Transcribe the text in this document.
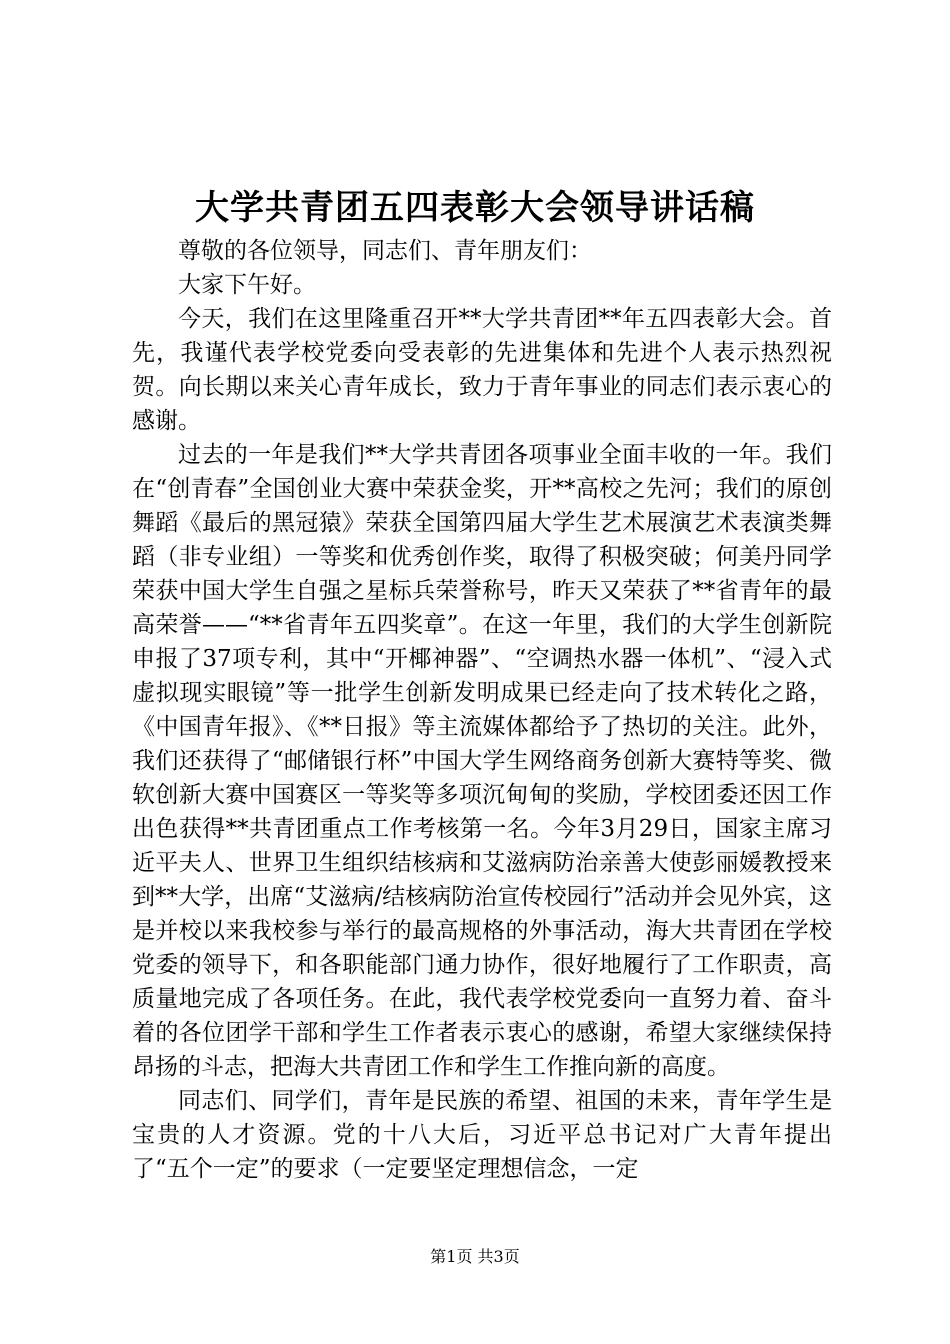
大学共青团五四表彰大会领导讲话稿

尊敬的各位领导，同志们、青年朋友们：

大家下午好。

今天，我们在这里隆重召开**大学共青团**年五四表彰大会。首先，我谨代表学校党委向受表彰的先进集体和先进个人表示热烈祝贺。向长期以来关心青年成长，致力于青年事业的同志们表示衷心的感谢。

过去的一年是我们**大学共青团各项事业全面丰收的一年。我们在“创青春”全国创业大赛中荣获金奖，开**高校之先河；我们的原创舞蹈《最后的黑冠猿》荣获全国第四届大学生艺术展演艺术表演类舞蹈（非专业组）一等奖和优秀创作奖，取得了积极突破；何美丹同学荣获中国大学生自强之星标兵荣誉称号，昨天又荣获了**省青年的最高荣誉——“**省青年五四奖章”。在这一年里，我们的大学生创新院申报了37项专利，其中“开椰神器”、“空调热水器一体机”、“浸入式虚拟现实眼镜”等一批学生创新发明成果已经走向了技术转化之路，《中国青年报》、《**日报》等主流媒体都给予了热切的关注。此外，我们还获得了“邮储银行杯”中国大学生网络商务创新大赛特等奖、微软创新大赛中国赛区一等奖等多项沉甸甸的奖励，学校团委还因工作出色获得**共青团重点工作考核第一名。今年3月29日，国家主席习近平夫人、世界卫生组织结核病和艾滋病防治亲善大使彭丽媛教授来到**大学，出席“艾滋病/结核病防治宣传校园行”活动并会见外宾，这是并校以来我校参与举行的最高规格的外事活动，海大共青团在学校党委的领导下，和各职能部门通力协作，很好地履行了工作职责，高质量地完成了各项任务。在此，我代表学校党委向一直努力着、奋斗着的各位团学干部和学生工作者表示衷心的感谢，希望大家继续保持昂扬的斗志，把海大共青团工作和学生工作推向新的高度。

同志们、同学们，青年是民族的希望、祖国的未来，青年学生是宝贵的人才资源。党的十八大后，习近平总书记对广大青年提出了“五个一定”的要求（一定要坚定理想信念，一定

第1页 共3页
